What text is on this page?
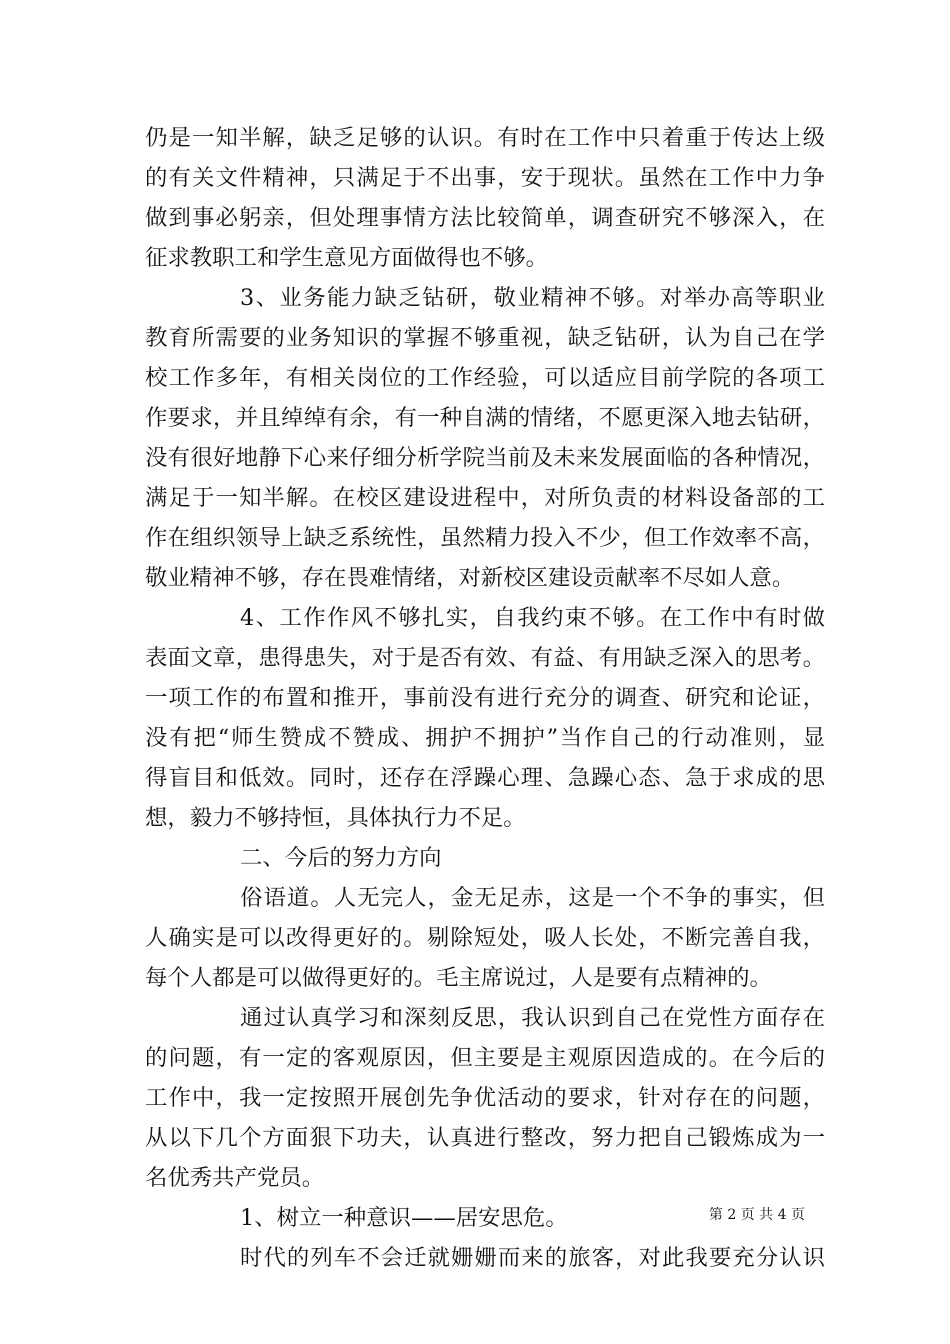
仍是一知半解，缺乏足够的认识。有时在工作中只着重于传达上级
的有关文件精神，只满足于不出事，安于现状。虽然在工作中力争
做到事必躬亲，但处理事情方法比较简单，调查研究不够深入，在
征求教职工和学生意见方面做得也不够。
3、业务能力缺乏钻研，敬业精神不够。对举办高等职业
教育所需要的业务知识的掌握不够重视，缺乏钻研，认为自己在学
校工作多年，有相关岗位的工作经验，可以适应目前学院的各项工
作要求，并且绰绰有余，有一种自满的情绪，不愿更深入地去钻研，
没有很好地静下心来仔细分析学院当前及未来发展面临的各种情况，
满足于一知半解。在校区建设进程中，对所负责的材料设备部的工
作在组织领导上缺乏系统性，虽然精力投入不少，但工作效率不高，
敬业精神不够，存在畏难情绪，对新校区建设贡献率不尽如人意。
4、工作作风不够扎实，自我约束不够。在工作中有时做
表面文章，患得患失，对于是否有效、有益、有用缺乏深入的思考。
一项工作的布置和推开，事前没有进行充分的调查、研究和论证，
没有把“师生赞成不赞成、拥护不拥护”当作自己的行动准则，显
得盲目和低效。同时，还存在浮躁心理、急躁心态、急于求成的思
想，毅力不够持恒，具体执行力不足。
二、今后的努力方向
俗语道。人无完人，金无足赤，这是一个不争的事实，但
人确实是可以改得更好的。剔除短处，吸人长处，不断完善自我，
每个人都是可以做得更好的。毛主席说过，人是要有点精神的。
通过认真学习和深刻反思，我认识到自己在党性方面存在
的问题，有一定的客观原因，但主要是主观原因造成的。在今后的
工作中，我一定按照开展创先争优活动的要求，针对存在的问题，
从以下几个方面狠下功夫，认真进行整改，努力把自己锻炼成为一
名优秀共产党员。
1、树立一种意识——居安思危。
时代的列车不会迁就姗姗而来的旅客，对此我要充分认识
第 2 页 共 4 页
